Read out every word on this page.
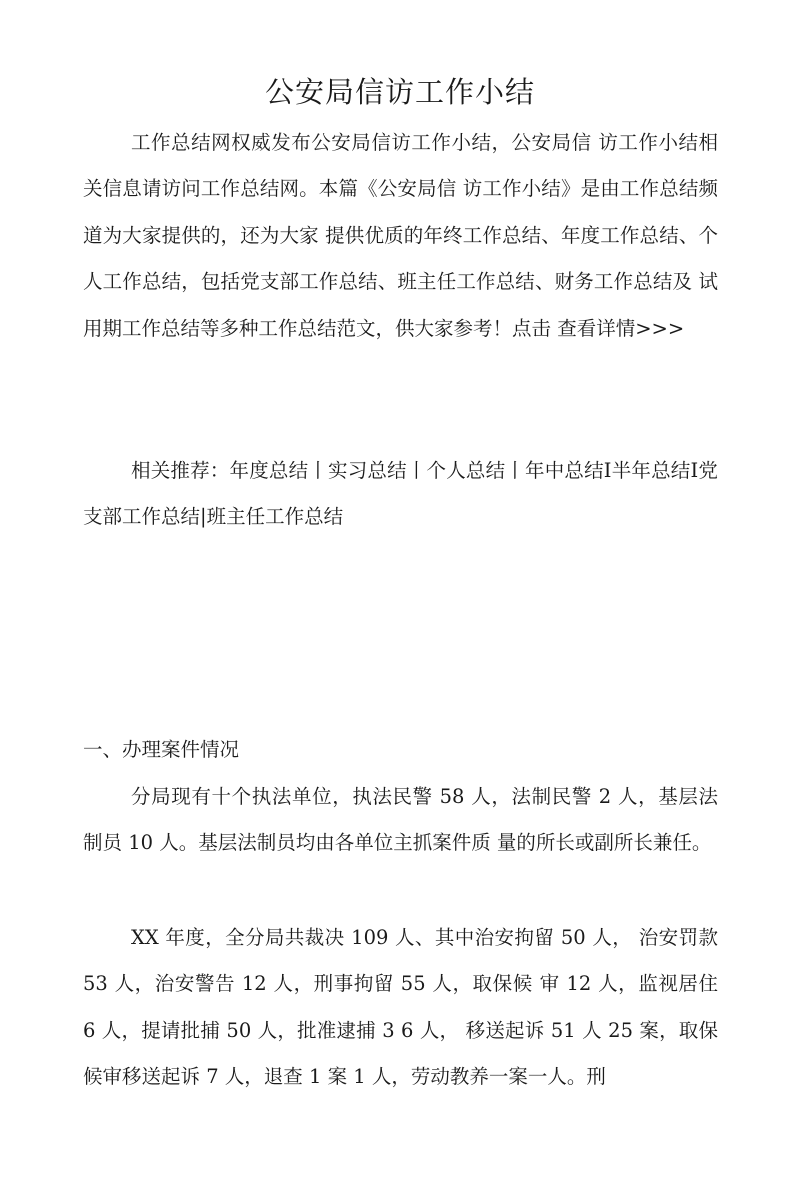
公安局信访工作小结

工作总结网权威发布公安局信访工作小结，公安局信 访工作小结相关信息请访问工作总结网。本篇《公安局信 访工作小结》是由工作总结频道为大家提供的，还为大家 提供优质的年终工作总结、年度工作总结、个人工作总结，包括党支部工作总结、班主任工作总结、财务工作总结及 试用期工作总结等多种工作总结范文，供大家参考！点击 查看详情>>>

相关推荐：年度总结丨实习总结丨个人总结丨年中总结I半年总结I党支部工作总结|班主任工作总结

一、办理案件情况

分局现有十个执法单位，执法民警 58 人，法制民警 2 人，基层法制员 10 人。基层法制员均由各单位主抓案件质 量的所长或副所长兼任。

XX 年度，全分局共裁决 109 人、其中治安拘留 50 人， 治安罚款 53 人，治安警告 12 人，刑事拘留 55 人，取保候 审 12 人，监视居住 6 人，提请批捕 50 人，批准逮捕 3 6 人， 移送起诉 51 人 25 案，取保候审移送起诉 7 人，退查 1 案 1 人，劳动教养一案一人。刑
